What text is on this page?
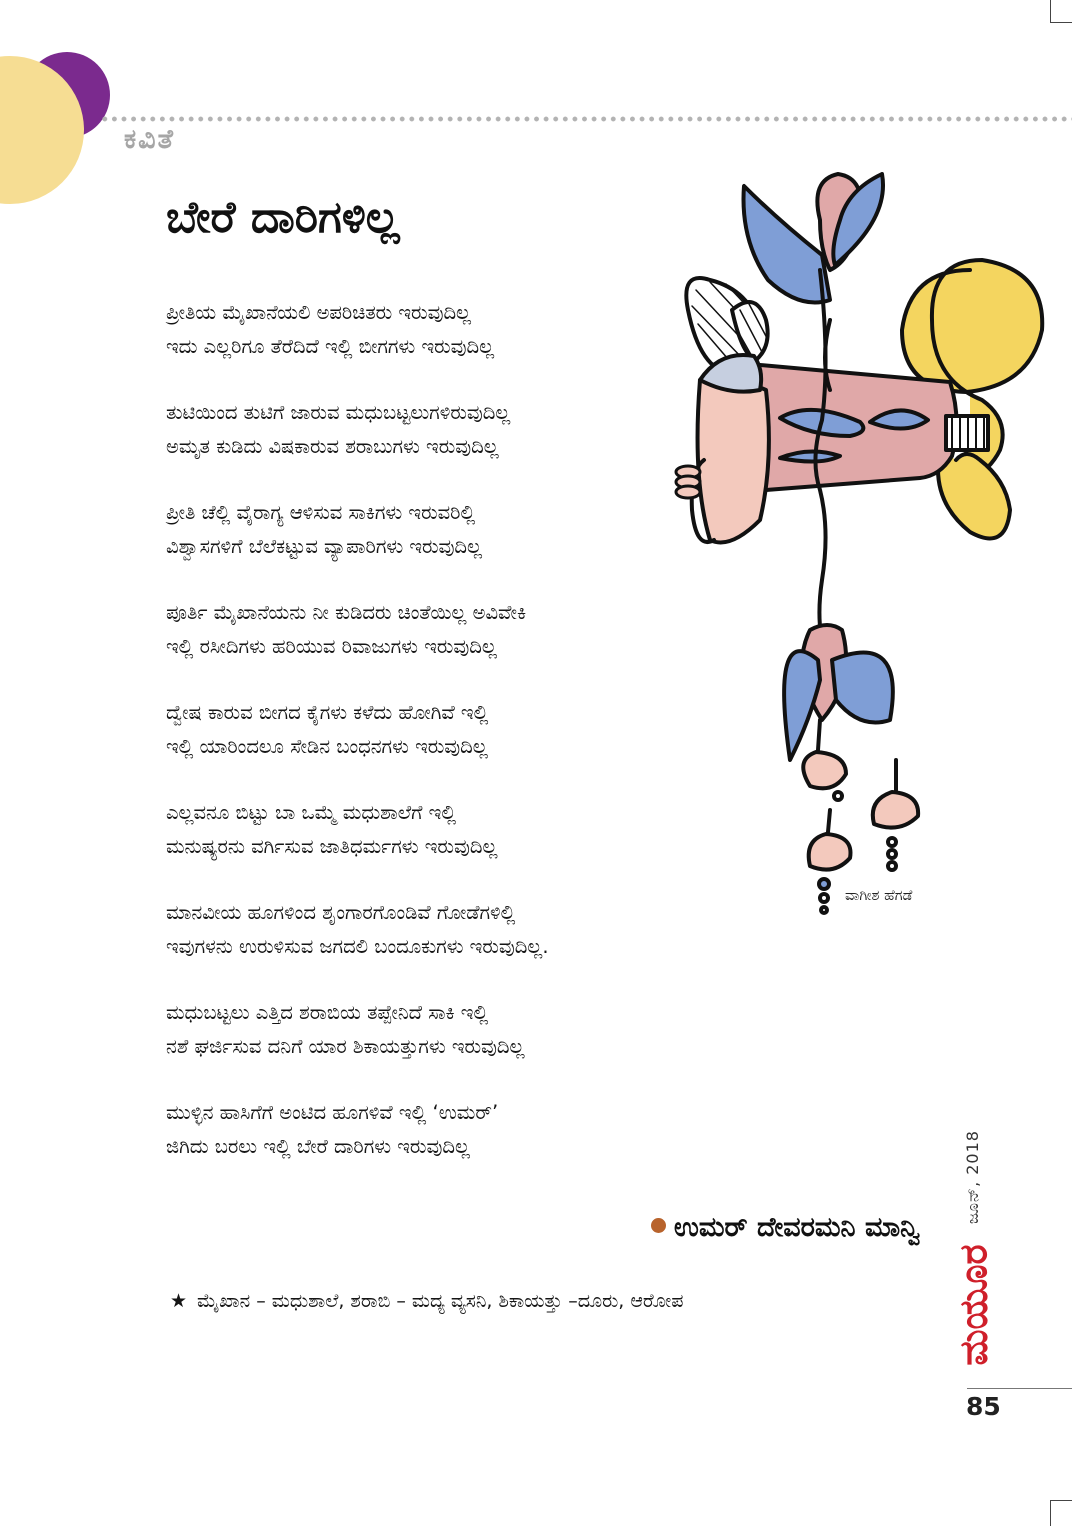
ಕವಿತೆ
ಬೇರೆ ದಾರಿಗಳಿಲ್ಲ
ಪ್ರೀತಿಯ ಮೈಖಾನೆಯಲಿ ಅಪರಿಚಿತರು ಇರುವುದಿಲ್ಲ
ಇದು ಎಲ್ಲರಿಗೂ ತೆರೆದಿದೆ ಇಲ್ಲಿ ಬೀಗಗಳು ಇರುವುದಿಲ್ಲ
ತುಟಿಯಿಂದ ತುಟಿಗೆ ಜಾರುವ ಮಧುಬಟ್ಟಲುಗಳಿರುವುದಿಲ್ಲ
ಅಮೃತ ಕುಡಿದು ವಿಷಕಾರುವ ಶರಾಬುಗಳು ಇರುವುದಿಲ್ಲ
ಪ್ರೀತಿ ಚೆಲ್ಲಿ ವೈರಾಗ್ಯ ಆಳಿಸುವ ಸಾಕಿಗಳು ಇರುವರಿಲ್ಲಿ
ವಿಶ್ವಾಸಗಳಿಗೆ ಬೆಲೆಕಟ್ಟುವ ವ್ಯಾಪಾರಿಗಳು ಇರುವುದಿಲ್ಲ
ಪೂರ್ತಿ ಮೈಖಾನೆಯನು ನೀ ಕುಡಿದರು ಚಿಂತೆಯಿಲ್ಲ ಅವಿವೇಕಿ
ಇಲ್ಲಿ ರಸೀದಿಗಳು ಹರಿಯುವ ರಿವಾಜುಗಳು ಇರುವುದಿಲ್ಲ
ದ್ವೇಷ ಕಾರುವ ಬೀಗದ ಕೈಗಳು ಕಳೆದು ಹೋಗಿವೆ ಇಲ್ಲಿ
ಇಲ್ಲಿ ಯಾರಿಂದಲೂ ಸೇಡಿನ ಬಂಧನಗಳು ಇರುವುದಿಲ್ಲ
ಎಲ್ಲವನೂ ಬಿಟ್ಟು ಬಾ ಒಮ್ಮೆ ಮಧುಶಾಲೆಗೆ ಇಲ್ಲಿ
ಮನುಷ್ಯರನು ವರ್ಗಿಸುವ ಜಾತಿಧರ್ಮಗಳು ಇರುವುದಿಲ್ಲ
ಮಾನವೀಯ ಹೂಗಳಿಂದ ಶೃಂಗಾರಗೊಂಡಿವೆ ಗೋಡೆಗಳಿಲ್ಲಿ
ಇವುಗಳನು ಉರುಳಿಸುವ ಜಗದಲಿ ಬಂದೂಕುಗಳು ಇರುವುದಿಲ್ಲ.
ಮಧುಬಟ್ಟಲು ಎತ್ತಿದ ಶರಾಬಿಯ ತಪ್ಪೇನಿದೆ ಸಾಕಿ ಇಲ್ಲಿ
ನಶೆ ಘರ್ಜಿಸುವ ದನಿಗೆ ಯಾರ ಶಿಕಾಯತ್ತುಗಳು ಇರುವುದಿಲ್ಲ
ಮುಳ್ಳಿನ ಹಾಸಿಗೆಗೆ ಅಂಟಿದ ಹೂಗಳಿವೆ ಇಲ್ಲಿ ‘ಉಮರ್’
ಜಿಗಿದು ಬರಲು ಇಲ್ಲಿ ಬೇರೆ ದಾರಿಗಳು ಇರುವುದಿಲ್ಲ
ವಾಗೀಶ ಹೆಗಡೆ
ಉಮರ್ ದೇವರಮನಿ ಮಾನ್ವಿ
★ ಮೈಖಾನ – ಮಧುಶಾಲೆ, ಶರಾಬಿ – ಮದ್ಯ ವ್ಯಸನಿ, ಶಿಕಾಯತ್ತು –ದೂರು, ಆರೋಪ
ಜೂನ್, 2018
ಮಯೂರ
85
